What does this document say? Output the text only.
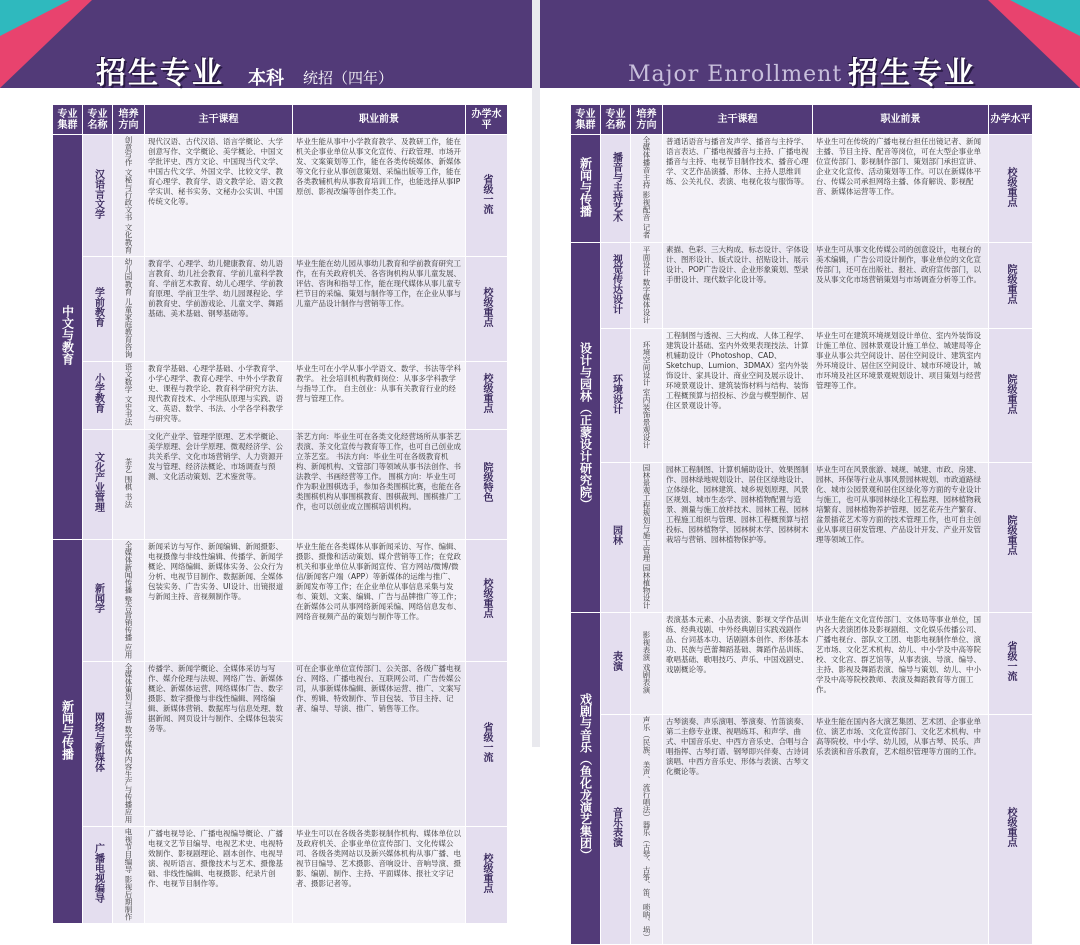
招生专业 本科 统招（四年）
专业集群	专业名称	培养方向	主干课程	职业前景	办学水平
中文与教育	汉语言文学	创意写作 文秘与行政文书 文化教育	现代汉语、古代汉语、语言学概论、大学创意写作、文学概论、美学概论、中国文学批评史、西方文论、中国现当代文学、中国古代文学、外国文学、比较文学、教育心理学、教育学、语文教学论、语文教学实训、秘书实务、文秘办公实训、中国传统文化等。	毕业生能从事中小学教育教学、及教研工作，能在机关企事业单位从事文化宣传、行政管理、市场开发、文案策划等工作，能在各类传统媒体、新媒体等文化行业从事创意策划、采编出版等工作，能在各类教辅机构从事教育培训工作，也能选择从事IP原创、影视改编等创作类工作。	省级一流
	学前教育	幼儿园教育 儿童家庭教育咨询	教育学、心理学、幼儿健康教育、幼儿语言教育、幼儿社会教育、学前儿童科学教育、学前艺术教育、幼儿心理学、学前教育原理、学前卫生学、幼儿园课程论、学前教育史、学前游戏论、儿童文学、舞蹈基础、美术基础、钢琴基础等。	毕业生能在幼儿园从事幼儿教育和学前教育研究工作，在有关政府机关、各咨询机构从事儿童发展、评估、咨询和指导工作，能在现代媒体从事儿童专栏节目的采编、策划与制作等工作，在企业从事与儿童产品设计制作与营销等工作。	校级重点
	小学教育	语文数学 文史书法	教育学基础、心理学基础、小学教育学、小学心理学、教育心理学、中外小学教育史、课程与教学论、教育科学研究方法、现代教育技术、小学班队原理与实践、语文、英语、数学、书法、小学各学科教学与研究等。	毕业生可在小学从事小学语文、数学、书法等学科教学。 社会培训机构教师岗位：从事多学科教学与指导工作。 自主创业：从事有关教育行业的经营与管理工作。	校级重点
	文化产业管理	茶艺 围棋 书法	文化产业学、管理学原理、艺术学概论、美学原理、会计学原理、微观经济学、公共关系学、文化市场营销学、人力资源开发与管理、经济法概论、市场调查与预测、文化活动策划、艺术鉴赏等。	茶艺方向：毕业生可在各类文化经营场所从事茶艺表演、茶文化宣传与教育等工作，也可自己创业成立茶艺室。 书法方向：毕业生可在各级教育机构、新闻机构、文管部门等领域从事书法创作、书法教学、书画经营等工作。 围棋方向：毕业生可作为职业围棋选手，参加各类围棋比赛，也能在各类围棋机构从事围棋教育、围棋裁判、围棋推广工作，也可以创业成立围棋培训机构。	院级特色
新闻与传播	新闻学	全媒体新闻传播 整合营销传播 应用	新闻采访与写作、新闻编辑、新闻摄影、电视摄像与非线性编辑、传播学、新闻学概论、网络编辑、新媒体实务、公众行为分析、电视节目制作、数据新闻、全媒体包装实务、广告实务、UI设计、出镜报道与新闻主持、音视频制作等。	毕业生能在各类媒体从事新闻采访、写作、编辑、摄影、摄像和活动策划、媒介营销等工作；在党政机关和事业单位从事新闻宣传、官方网站/微博/微信/新闻客户端（APP）等新媒体的运维与推广、新闻发布等工作；在企业单位从事信息采集与发布、策划、文案、编辑、广告与品牌推广等工作；在新媒体公司从事网络新闻采编、网络信息发布、网络音视频产品的策划与制作等工作。	校级重点
	网络与新媒体	全媒体策划与运营 数字媒体内容生产与传播应用	传播学、新闻学概论、全媒体采访与写作、媒介伦理与法规、网络广告、新媒体概论、新媒体运营、网络媒体广告、数字摄影、数字摄像与非线性编辑、网络编辑、新媒体营销、数据库与信息处理、数据新闻、网页设计与制作、全媒体包装实务等。	可在企事业单位宣传部门、公关部、各级广播电视台、网络、广播电视台、互联网公司、广告传媒公司，从事新媒体编辑、新媒体运营、推广、文案写作、剪辑、特效制作、节目包装、节目主持、记者、编导、导演、推广、销售等工作。	省级一流
	广播电视编导	电视节目编导 影视后期制作	广播电视导论、广播电视编导概论、广播电视文艺节目编导、电视艺术史、电视特效制作、影视剧理论、剧本创作、电视导演、视听语言、摄像技术与艺术、摄像基础、非线性编辑、电视摄影、纪录片创作、电视节目制作等。	毕业生可以在各级各类影视制作机构、媒体单位以及政府机关、企事业单位宣传部门、文化传媒公司、各级各类网站以及新兴媒体机构从事广播、电视节目编导、艺术摄影、音响设计、音响导演、摄影、编剧、制作、主持、平面媒体、报社文字记者、摄影记者等。	校级重点
Major Enrollment 招生专业
专业集群	专业名称	培养方向	主干课程	职业前景	办学水平
新闻与传播	播音与主持艺术	全媒体播音主持 影视配音 记者	普通话语音与播音发声学、播音与主持学、语言表达、广播电视播音与主持、广播电视播音与主持、电视节目制作技术、播音心理学、文艺作品演播、形体、主持人思维训练、公关礼仪、表演、电视化妆与服饰等。	毕业生可在传统的广播电视台担任出镜记者、新闻主播、节目主持、配音等岗位，可在大型企事业单位宣传部门、影视制作部门、策划部门承担宣讲、企业文化宣传、活动策划等工作。可以在新媒体平台、传媒公司承担网络主播、体育解说、影视配音、新媒体运营等工作。	校级重点
设计与园林（正蒙设计研究院）	视觉传达设计	平面设计 数字媒体设计	素描、色彩、三大构成、标志设计、字体设计、图形设计、版式设计、招贴设计、展示设计、POP广告设计、企业形象策划、型录手册设计、现代数字化设计等。	毕业生可从事文化传媒公司的创意设计，电视台的美术编辑，广告公司设计制作，事业单位的文化宣传部门，还可在出版社、报社、政府宣传部门，以及从事文化市场营销策划与市场调查分析等工作。	院级重点
	环境设计	环境空间设计 室内装饰景观设计	工程制图与透视、三大构成、人体工程学、建筑设计基础、室内外效果表现技法、计算机辅助设计（Photoshop、CAD、Sketchup、Lumion、3DMAX）室内外装饰设计、家具设计、商业空间及展示设计、环境景观设计、建筑装饰材料与结构、装饰工程概预算与招投标、沙盘与模型制作、居住区景观设计等。	毕业生可在建筑环境规划设计单位、室内外装饰设计施工单位、园林景观设计施工单位、城建局等企事业从事公共空间设计、居住空间设计、建筑室内外环境设计、居住区空间设计、城市环境设计，城市环境及社区环境景观规划设计、项目策划与经营管理等工作。	院级重点
	园林	园林景观工程规划与施工管理 园林植物设计	园林工程制图、计算机辅助设计、效果图制作、园林绿地规划设计、居住区绿地设计、立体绿化、园林建筑、城乡规划原理、风景区规划、城市生态学、园林植物配置与造景、测量与施工放样技术、园林工程、园林工程施工组织与管理、园林工程概预算与招投标、园林植物学、园林树木学、园林树木栽培与营销、园林植物保护等。	毕业生可在风景旅游、城规、城建、市政、房建、园林、环保等行业从事风景园林规划、市政道路绿化、城市公园景观和居住区绿化等方面的专业设计与施工，也可从事园林绿化工程监理、园林植物栽培繁育、园林植物养护管理、园艺花卉生产繁育、盆景插花艺术等方面的技术管理工作，也可自主创业从事项目研发管理、产品设计开发、产业开发管理等领域工作。	院级重点
戏剧与音乐（鱼化龙演艺集团）	表演	影视表演 戏剧表演	表演基本元素、小品表演、影视文学作品训练、经典戏剧、中外经典剧目实践戏剧作品、台词基本功、话剧剧本创作、形体基本功、民族与芭蕾舞蹈基础、舞蹈作品训练、歌唱基础、歌唱技巧、声乐、中国戏剧史、戏剧概论等。	毕业生能在文化宣传部门、文体局等事业单位，国内各大表演团体及影视剧组、文化娱乐传播公司、广播电视台、部队文工团、电影电视制作单位、演艺市场、文化艺术机构、幼儿、中小学及中高等院校、文化宫、群艺馆等，从事表演、导演、编导、主持、影视及舞蹈表演、编导与策划、幼儿、中小学及中高等院校教师、表演及舞蹈教育等方面工作。	省级一流
	音乐表演	声乐（民族、美声、流行唱法）器乐（古琴、古筝、笛、唢呐、埙）	古琴演奏、声乐演唱、筝演奏、竹笛演奏、第二主修专业课、视唱练耳、和声学、曲式、中国音乐史、中西方音乐史、合唱与合唱指挥、古琴打谱、钢琴即兴伴奏、古诗词演唱、中西方音乐史、形体与表演、古琴文化概论等。	毕业生能在国内各大演艺集团、艺术团、企事业单位、演艺市场、文化宣传部门、文化艺术机构、中高等院校、中小学、幼儿园，从事古琴、民乐、声乐表演和音乐教育，艺术组织管理等方面的工作。	校级重点
